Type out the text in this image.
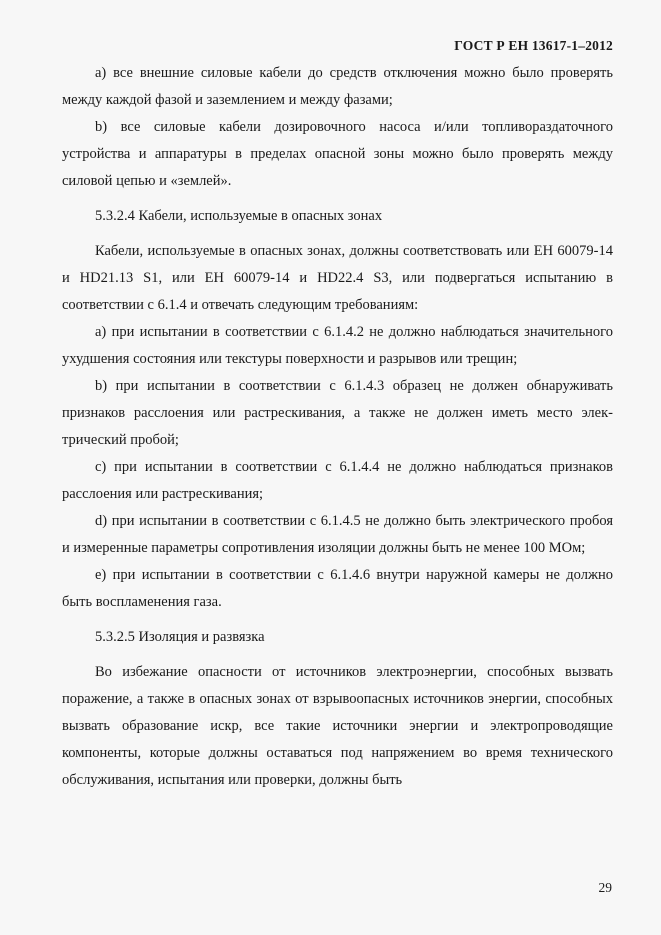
ГОСТ Р ЕН 13617-1–2012

a) все внешние силовые кабели до средств отключения можно было проверять между каждой фазой и заземлением и между фазами;

b) все силовые кабели дозировочного насоса и/или топливораздаточного устройства и аппаратуры в пределах опасной зоны можно было проверять между силовой цепью и «землей».

5.3.2.4 Кабели, используемые в опасных зонах

Кабели, используемые в опасных зонах, должны соответствовать или EH 60079-14 и HD21.13 S1, или EH 60079-14 и HD22.4 S3, или подвергаться испытанию в соответствии с 6.1.4 и отвечать следующим требованиям:

a) при испытании в соответствии с 6.1.4.2 не должно наблюдаться значительного ухудшения состояния или текстуры поверхности и разрывов или трещин;

b) при испытании в соответствии с 6.1.4.3 образец не должен обнаруживать признаков расслоения или растрескивания, а также не должен иметь место электрический пробой;

c) при испытании в соответствии с 6.1.4.4 не должно наблюдаться признаков расслоения или растрескивания;

d) при испытании в соответствии с 6.1.4.5 не должно быть электрического пробоя и измеренные параметры сопротивления изоляции должны быть не менее 100 МОм;

e) при испытании в соответствии с 6.1.4.6 внутри наружной камеры не должно быть воспламенения газа.

5.3.2.5 Изоляция и развязка

Во избежание опасности от источников электроэнергии, способных вызвать поражение, а также в опасных зонах от взрывоопасных источников энергии, способных вызвать образование искр, все такие источники энергии и электропроводящие компоненты, которые должны оставаться под напряжением во время технического обслуживания, испытания или проверки, должны быть

29
